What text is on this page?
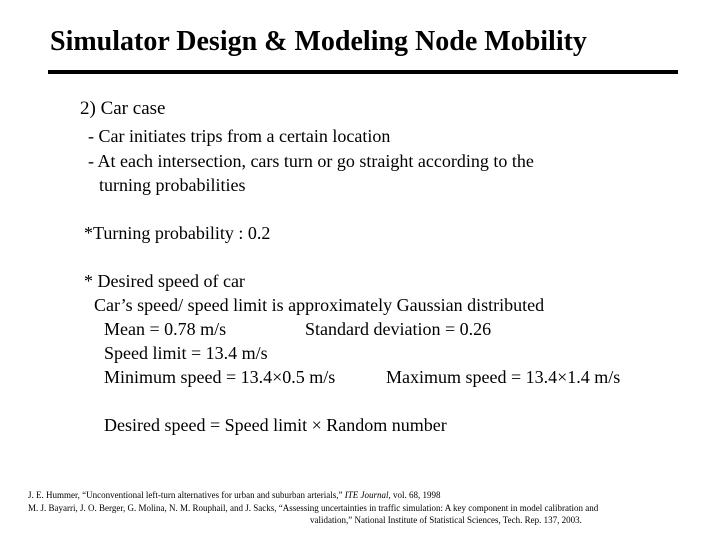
Simulator Design & Modeling Node Mobility
2) Car case
- Car initiates trips from a certain location
- At each intersection, cars turn or go straight according to the
turning probabilities
*Turning probability : 0.2
* Desired speed of car
Car’s speed/ speed limit is approximately Gaussian distributed
Mean = 0.78 m/s	Standard deviation = 0.26
Speed limit = 13.4 m/s
Minimum speed = 13.4×0.5 m/s	Maximum speed = 13.4×1.4 m/s
Desired speed = Speed limit × Random number
J. E. Hummer, “Unconventional left-turn alternatives for urban and suburban arterials,” ITE Journal, vol. 68, 1998
M. J. Bayarri, J. O. Berger, G. Molina, N. M. Rouphail, and J. Sacks, “Assessing uncertainties in traffic simulation: A key component in model calibration and
validation,” National Institute of Statistical Sciences, Tech. Rep. 137, 2003.
